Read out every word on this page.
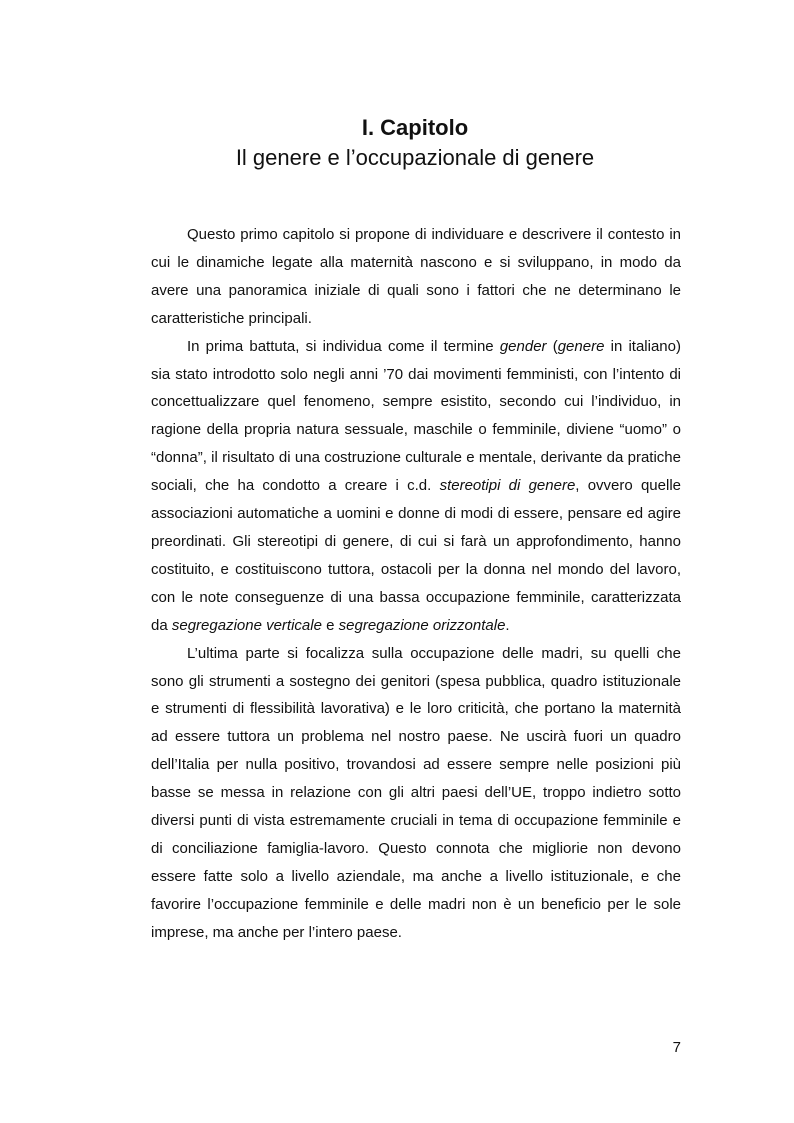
I. Capitolo
Il genere e l’occupazionale di genere

Questo primo capitolo si propone di individuare e descrivere il contesto in cui le dinamiche legate alla maternità nascono e si sviluppano, in modo da avere una panoramica iniziale di quali sono i fattori che ne determinano le caratteristiche principali.

In prima battuta, si individua come il termine gender (genere in italiano) sia stato introdotto solo negli anni ’70 dai movimenti femministi, con l’intento di concettualizzare quel fenomeno, sempre esistito, secondo cui l’individuo, in ragione della propria natura sessuale, maschile o femminile, diviene “uomo” o “donna”, il risultato di una costruzione culturale e mentale, derivante da pratiche sociali, che ha condotto a creare i c.d. stereotipi di genere, ovvero quelle associazioni automatiche a uomini e donne di modi di essere, pensare ed agire preordinati. Gli stereotipi di genere, di cui si farà un approfondimento, hanno costituito, e costituiscono tuttora, ostacoli per la donna nel mondo del lavoro, con le note conseguenze di una bassa occupazione femminile, caratterizzata da segregazione verticale e segregazione orizzontale.

L’ultima parte si focalizza sulla occupazione delle madri, su quelli che sono gli strumenti a sostegno dei genitori (spesa pubblica, quadro istituzionale e strumenti di flessibilità lavorativa) e le loro criticità, che portano la maternità ad essere tuttora un problema nel nostro paese. Ne uscirà fuori un quadro dell’Italia per nulla positivo, trovandosi ad essere sempre nelle posizioni più basse se messa in relazione con gli altri paesi dell’UE, troppo indietro sotto diversi punti di vista estremamente cruciali in tema di occupazione femminile e di conciliazione famiglia-lavoro. Questo connota che migliorie non devono essere fatte solo a livello aziendale, ma anche a livello istituzionale, e che favorire l’occupazione femminile e delle madri non è un beneficio per le sole imprese, ma anche per l’intero paese.

7
